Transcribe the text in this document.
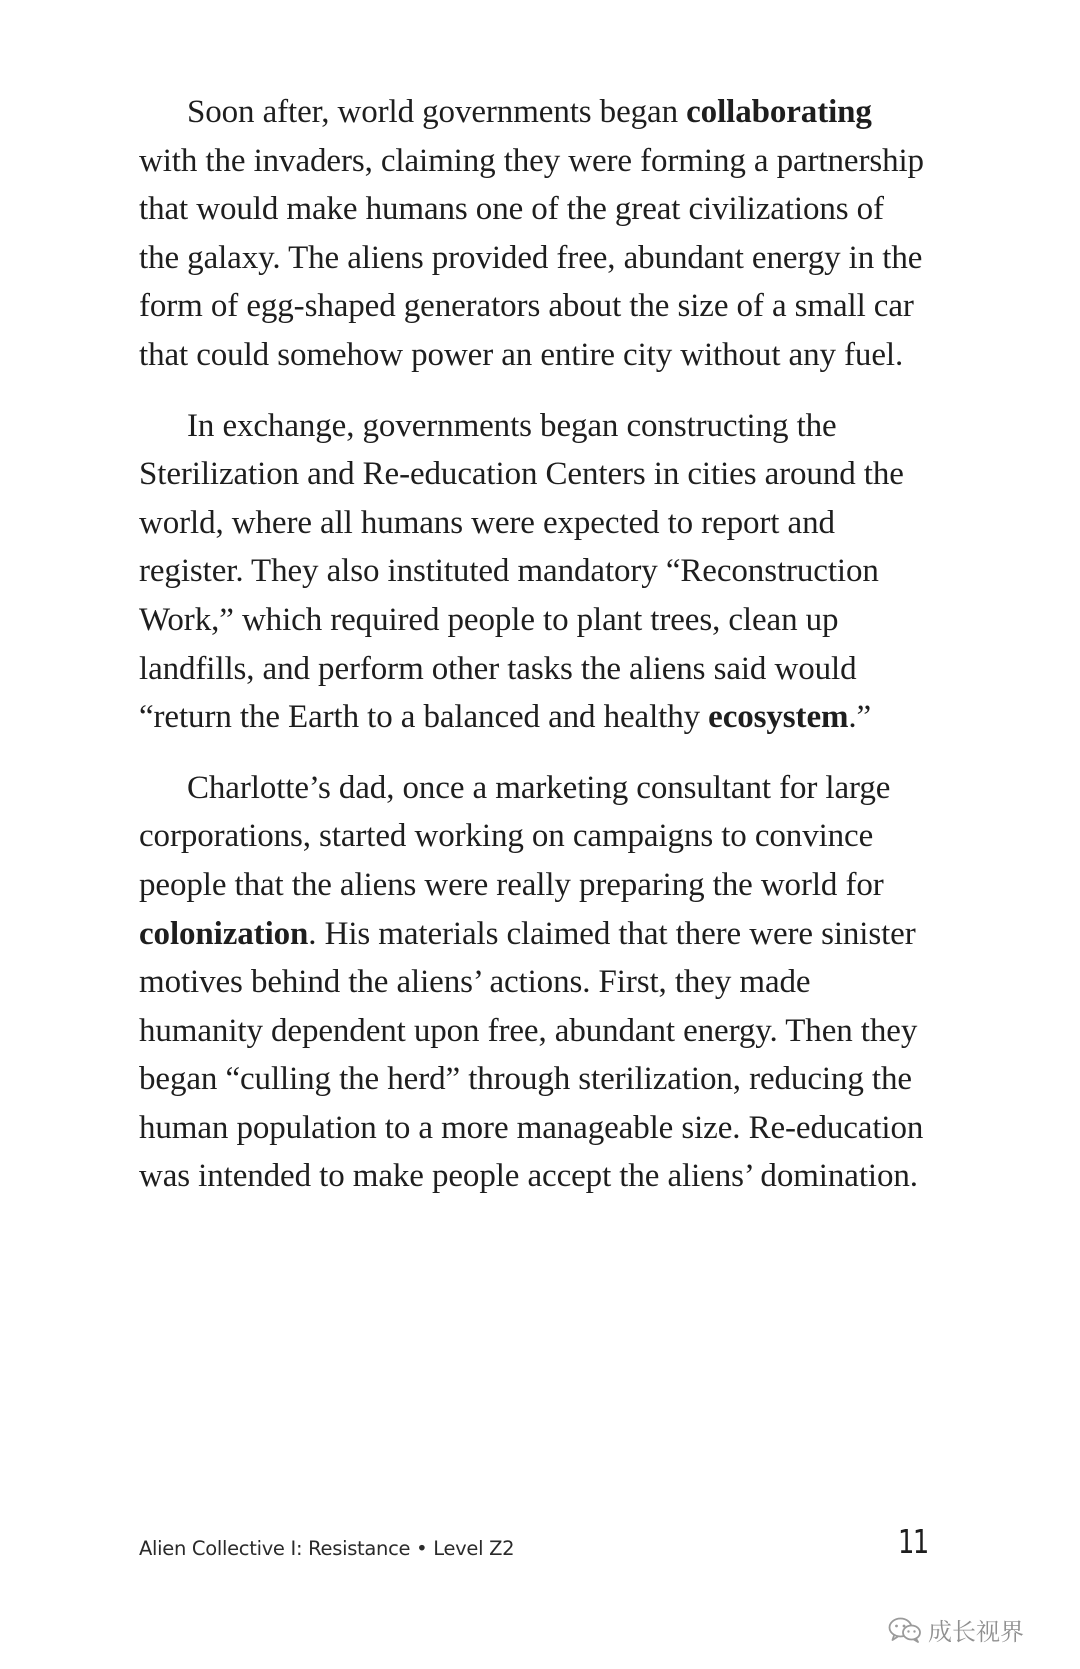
Soon after, world governments began collaborating with the invaders, claiming they were forming a partnership that would make humans one of the great civilizations of the galaxy. The aliens provided free, abundant energy in the form of egg-shaped generators about the size of a small car that could somehow power an entire city without any fuel.

In exchange, governments began constructing the Sterilization and Re-education Centers in cities around the world, where all humans were expected to report and register. They also instituted mandatory “Reconstruction Work,” which required people to plant trees, clean up landfills, and perform other tasks the aliens said would “return the Earth to a balanced and healthy ecosystem.”

Charlotte’s dad, once a marketing consultant for large corporations, started working on campaigns to convince people that the aliens were really preparing the world for colonization. His materials claimed that there were sinister motives behind the aliens’ actions. First, they made humanity dependent upon free, abundant energy. Then they began “culling the herd” through sterilization, reducing the human population to a more manageable size. Re-education was intended to make people accept the aliens’ domination.

Alien Collective I: Resistance • Level Z2	11
成长视界
